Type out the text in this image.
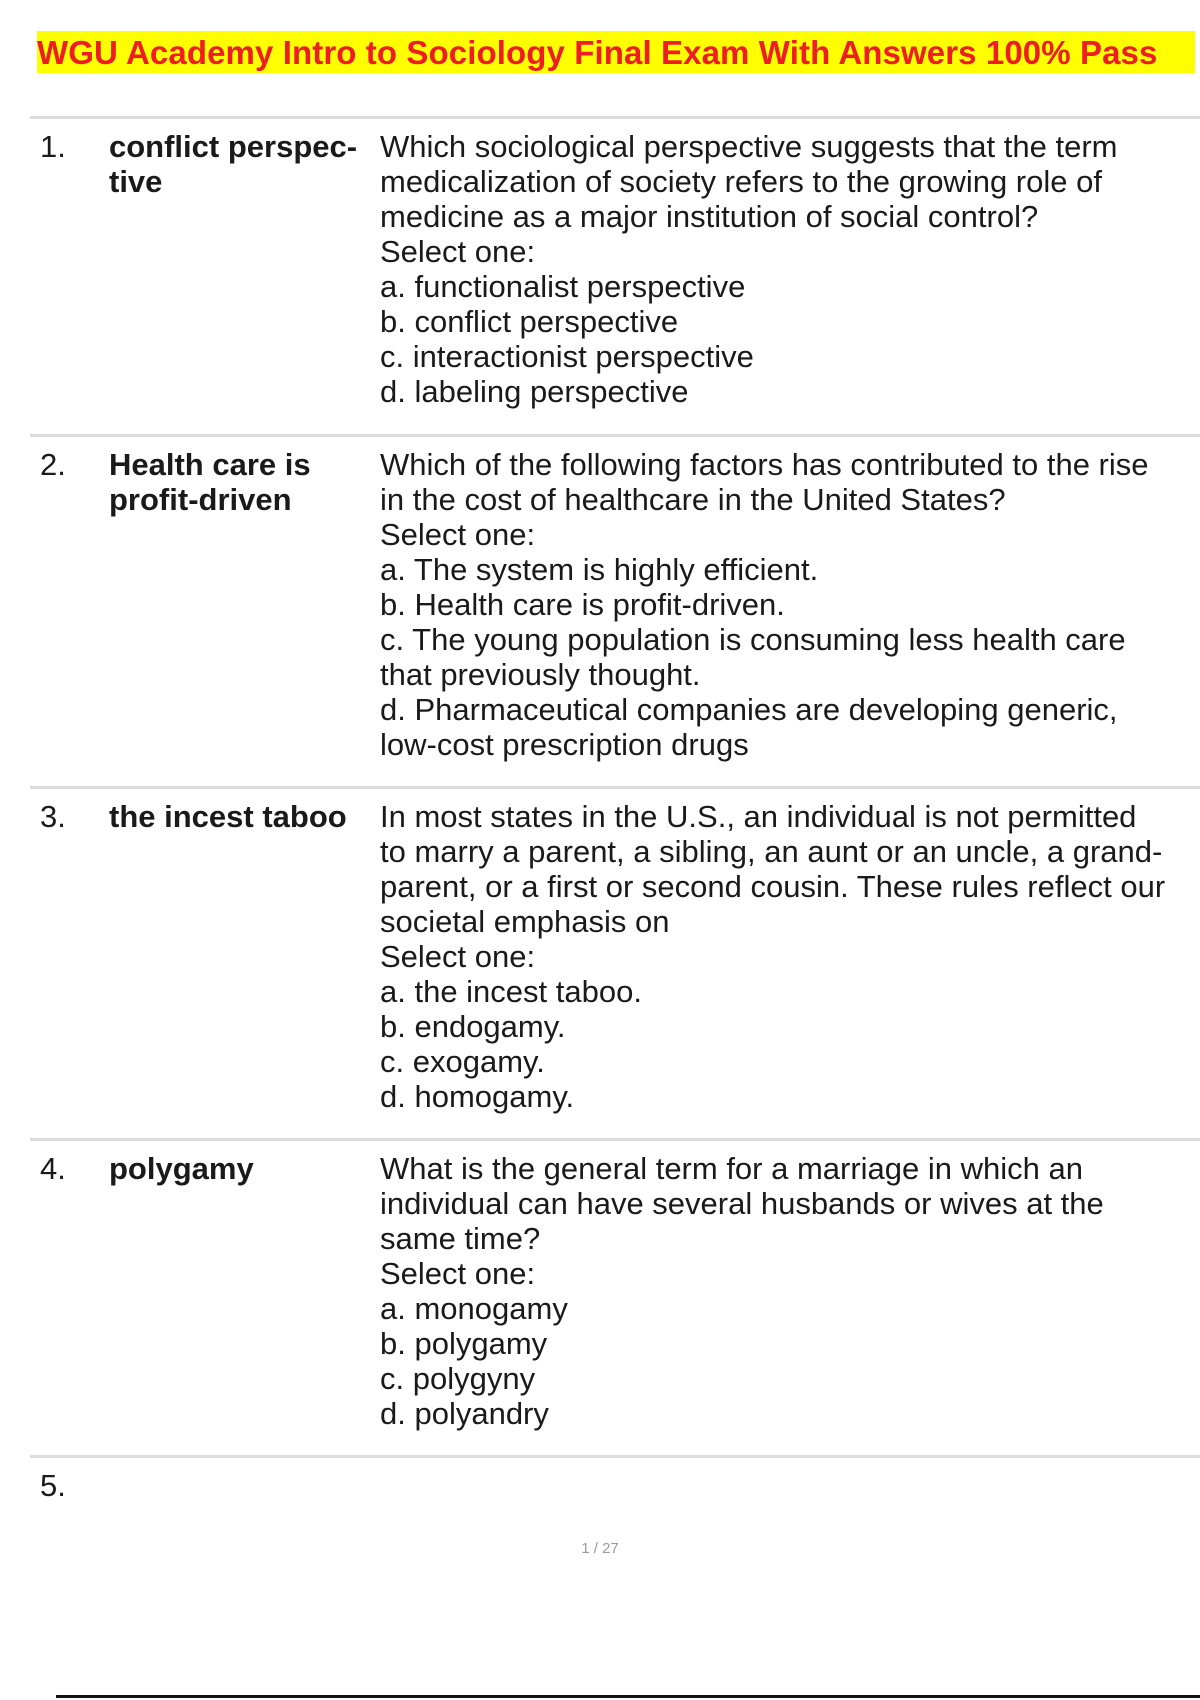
WGU Academy Intro to Sociology Final Exam With Answers 100% Pass
1. conflict perspec-
tive
Which sociological perspective suggests that the term
medicalization of society refers to the growing role of
medicine as a major institution of social control?
Select one:
a. functionalist perspective
b. conflict perspective
c. interactionist perspective
d. labeling perspective
2. Health care is
profit-driven
Which of the following factors has contributed to the rise
in the cost of healthcare in the United States?
Select one:
a. The system is highly efficient.
b. Health care is profit-driven.
c. The young population is consuming less health care
that previously thought.
d. Pharmaceutical companies are developing generic,
low-cost prescription drugs
3. the incest taboo	In most states in the U.S., an individual is not permitted
to marry a parent, a sibling, an aunt or an uncle, a grand-
parent, or a first or second cousin. These rules reflect our
societal emphasis on
Select one:
a. the incest taboo.
b. endogamy.
c. exogamy.
d. homogamy.
4. polygamy	What is the general term for a marriage in which an
individual can have several husbands or wives at the
same time?
Select one:
a. monogamy
b. polygamy
c. polygyny
d. polyandry
5.
1 / 27
